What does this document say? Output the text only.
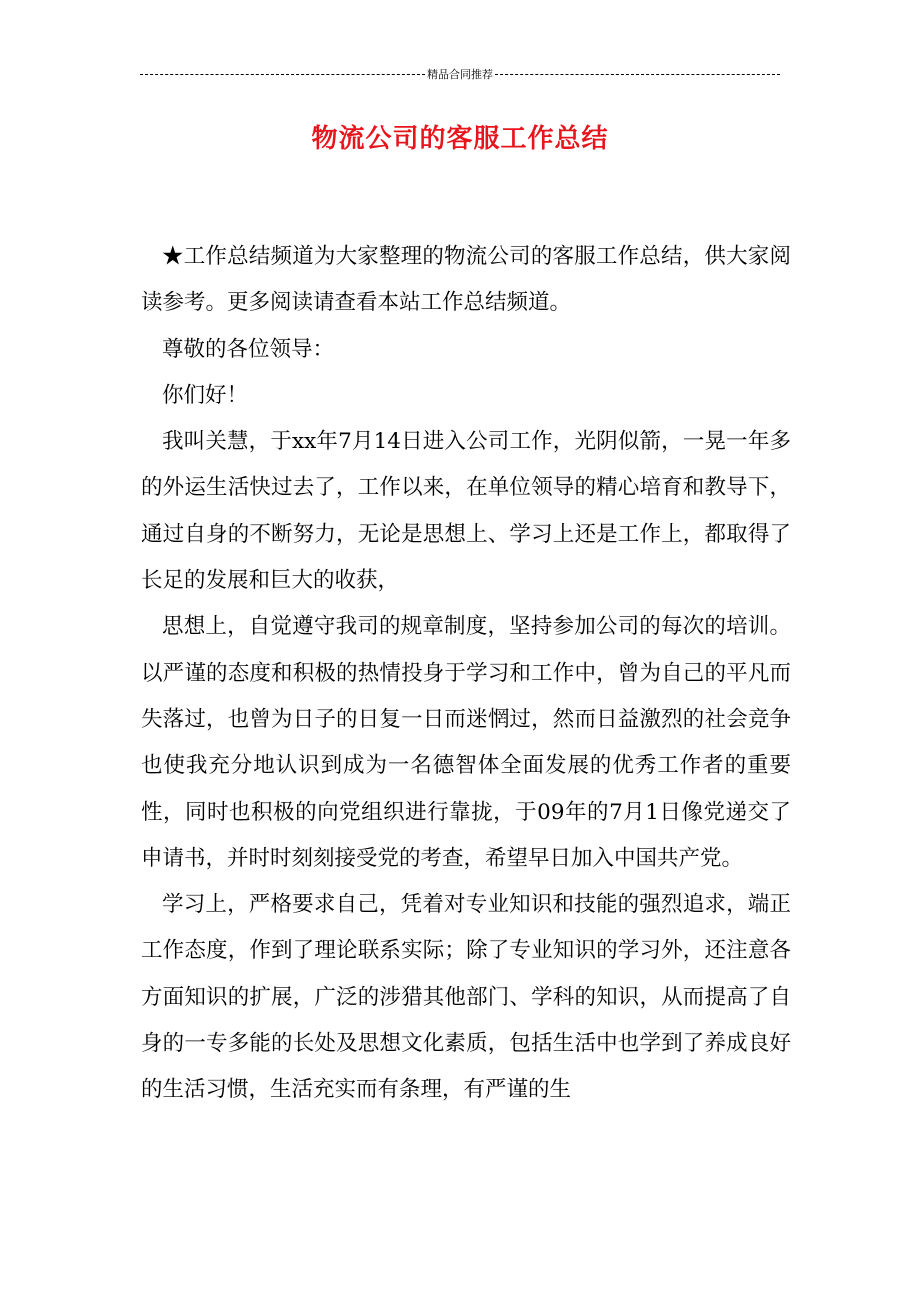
精品合同推荐
物流公司的客服工作总结

★工作总结频道为大家整理的物流公司的客服工作总结，供大家阅读参考。更多阅读请查看本站工作总结频道。

尊敬的各位领导：

你们好！

我叫关慧，于xx年7月14日进入公司工作，光阴似箭，一晃一年多的外运生活快过去了，工作以来，在单位领导的精心培育和教导下，通过自身的不断努力，无论是思想上、学习上还是工作上，都取得了长足的发展和巨大的收获，

思想上，自觉遵守我司的规章制度，坚持参加公司的每次的培训。以严谨的态度和积极的热情投身于学习和工作中，曾为自己的平凡而失落过，也曾为日子的日复一日而迷惘过，然而日益激烈的社会竞争也使我充分地认识到成为一名德智体全面发展的优秀工作者的重要性，同时也积极的向党组织进行靠拢，于09年的7月1日像党递交了申请书，并时时刻刻接受党的考查，希望早日加入中国共产党。

学习上，严格要求自己，凭着对专业知识和技能的强烈追求，端正工作态度，作到了理论联系实际；除了专业知识的学习外，还注意各方面知识的扩展，广泛的涉猎其他部门、学科的知识，从而提高了自身的一专多能的长处及思想文化素质，包括生活中也学到了养成良好的生活习惯，生活充实而有条理，有严谨的生
